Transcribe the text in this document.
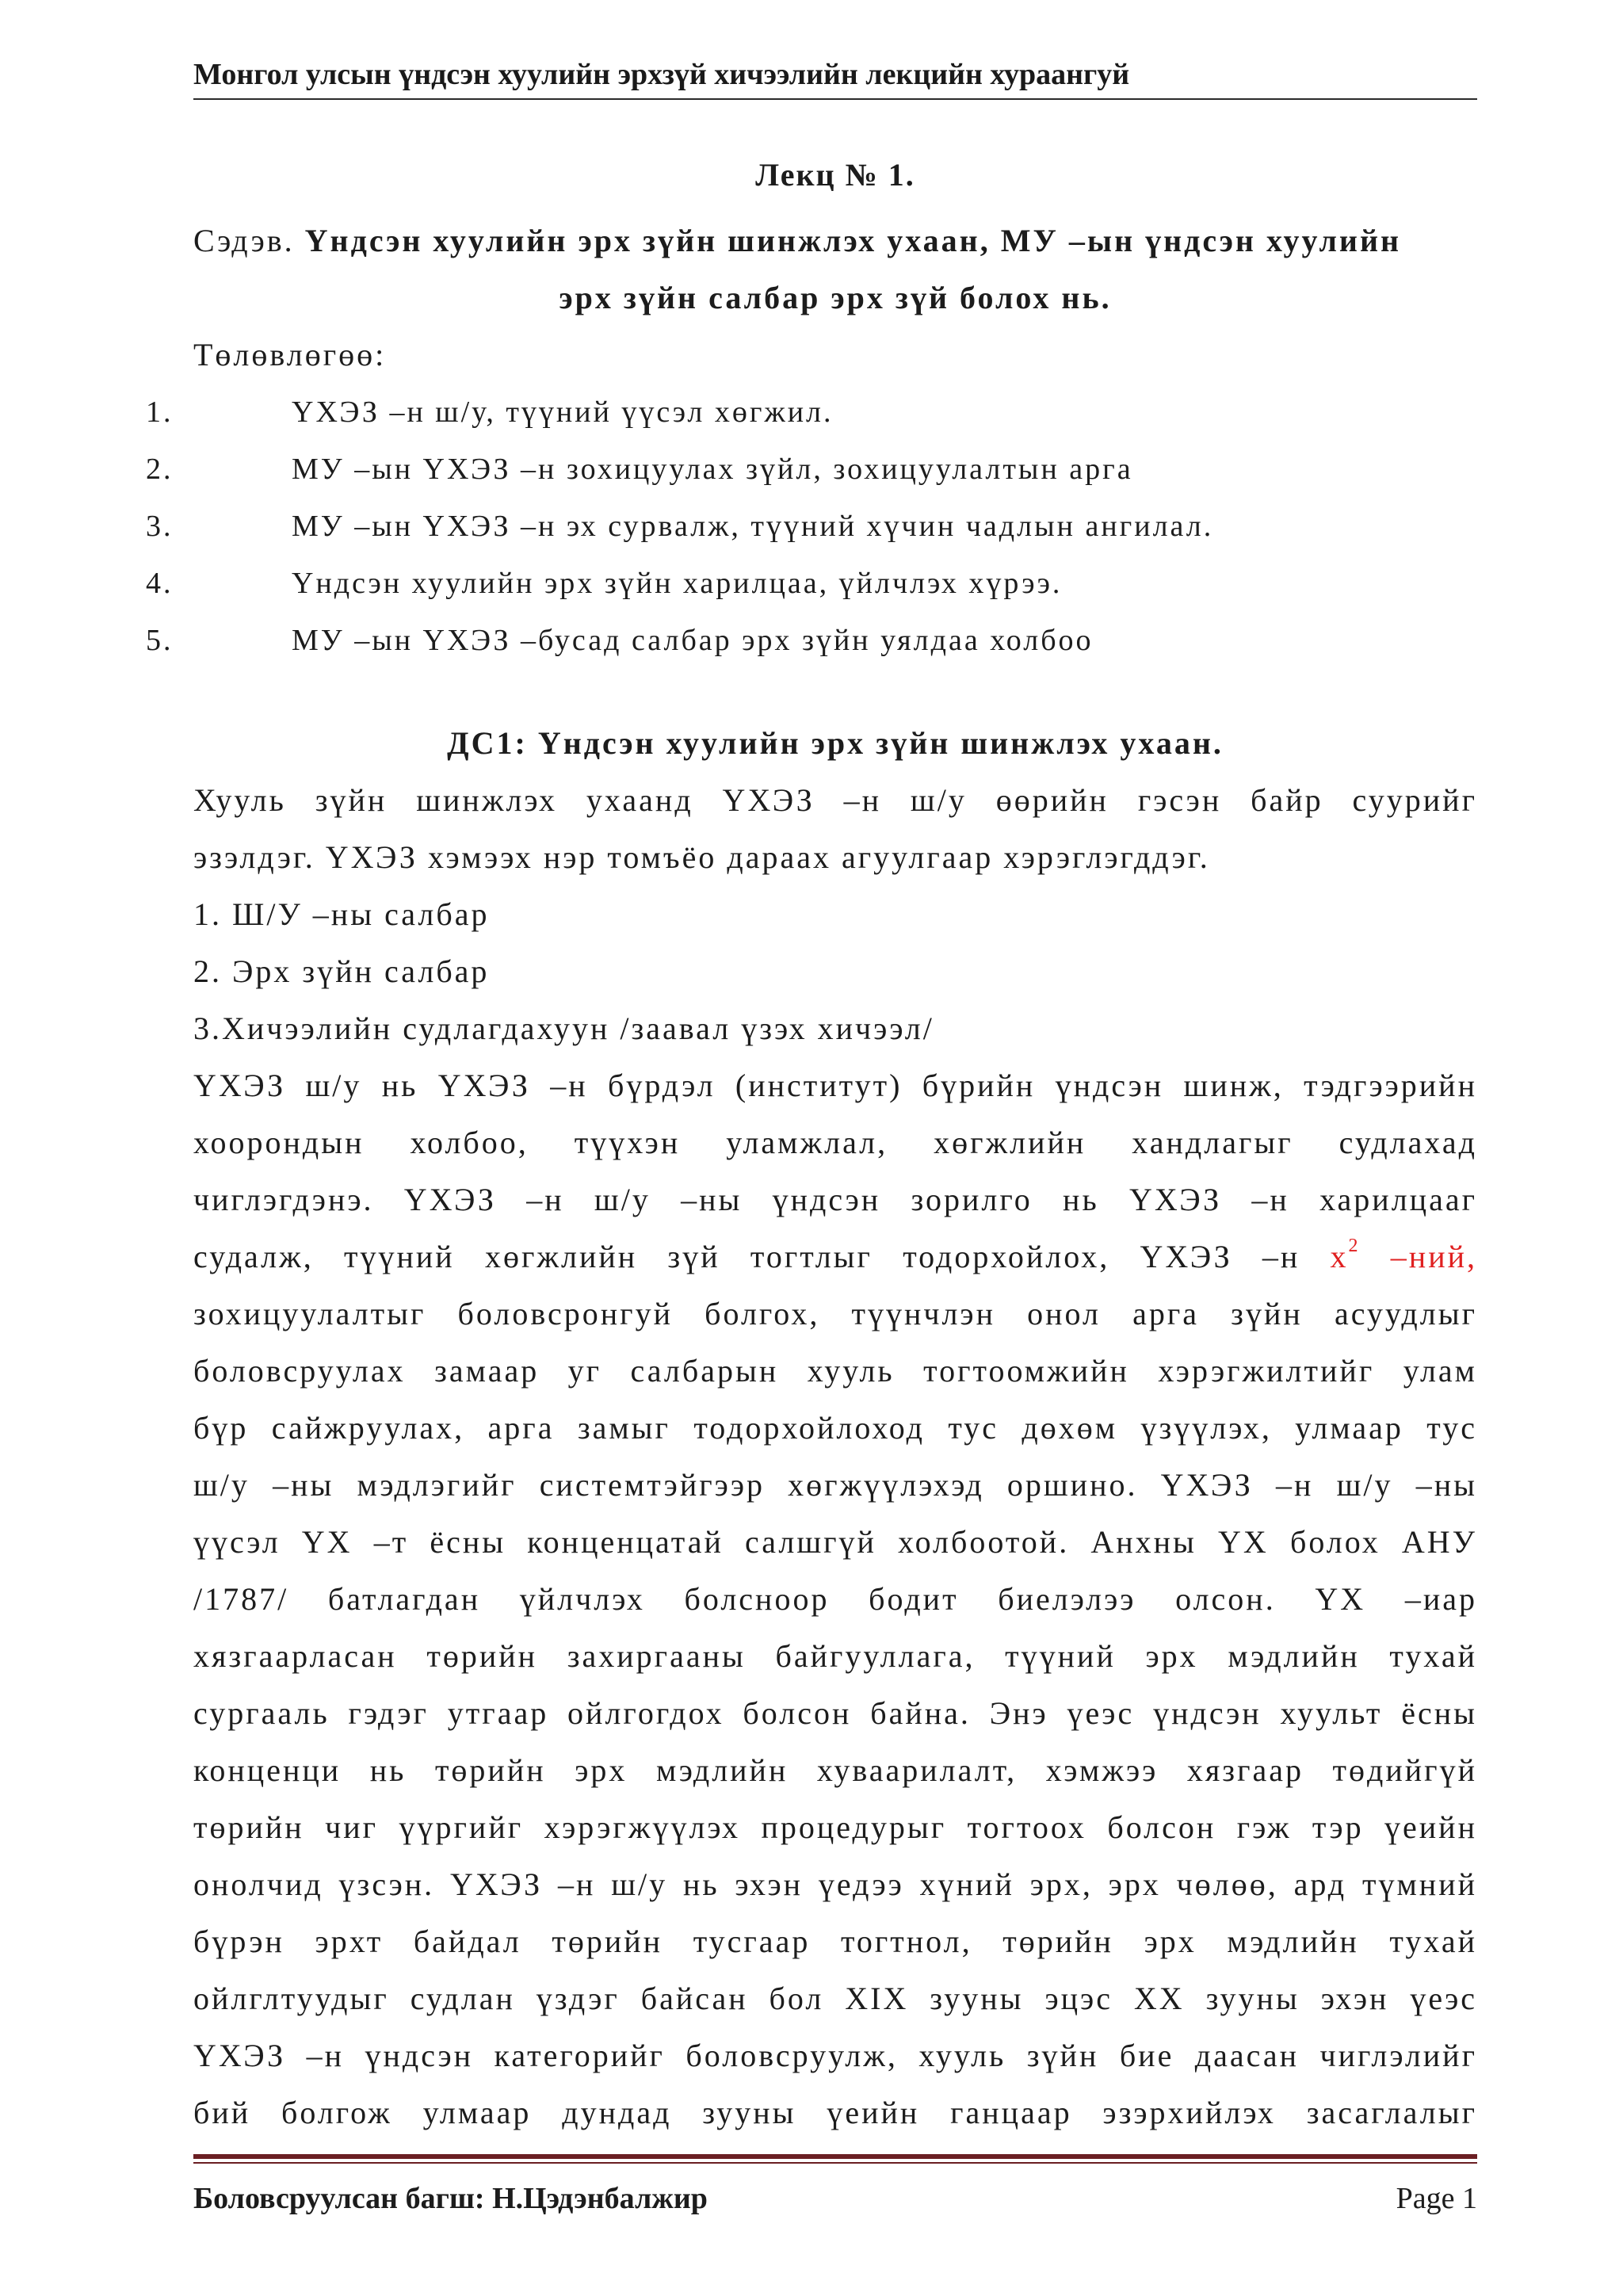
Монгол улсын үндсэн хуулийн эрхзүй хичээлийн лекцийн хураангуй
Лекц № 1.
Сэдэв. Үндсэн хуулийн эрх зүйн шинжлэх ухаан, МУ –ын үндсэн хуулийн
эрх зүйн салбар эрх зүй болох нь.
Төлөвлөгөө:
1.	ҮХЭЗ –н ш/у, түүний үүсэл хөгжил.
2.	МУ –ын ҮХЭЗ –н зохицуулах зүйл, зохицуулалтын арга
3.	МУ –ын ҮХЭЗ –н эх сурвалж, түүний хүчин чадлын ангилал.
4.	Үндсэн хуулийн эрх зүйн харилцаа, үйлчлэх хүрээ.
5.	МУ –ын ҮХЭЗ –бусад салбар эрх зүйн уялдаа холбоо
ДС1: Үндсэн хуулийн эрх зүйн шинжлэх ухаан.
Хууль зүйн шинжлэх ухаанд ҮХЭЗ –н ш/у өөрийн гэсэн байр суурийг
эзэлдэг. ҮХЭЗ хэмээх нэр томъёо дараах агуулгаар хэрэглэгддэг.
1. Ш/У –ны салбар
2. Эрх зүйн салбар
3.Хичээлийн судлагдахуун /заавал үзэх хичээл/
ҮХЭЗ ш/у нь ҮХЭЗ –н бүрдэл (институт) бүрийн үндсэн шинж, тэдгээрийн
хоорондын холбоо, түүхэн уламжлал, хөгжлийн хандлагыг судлахад
чиглэгдэнэ. ҮХЭЗ –н ш/у –ны үндсэн зорилго нь ҮХЭЗ –н харилцааг
судалж, түүний хөгжлийн зүй тогтлыг тодорхойлох, ҮХЭЗ –н $х^2$ –ний,
зохицуулалтыг боловсронгуй болгох, түүнчлэн онол арга зүйн асуудлыг
боловсруулах замаар уг салбарын хууль тогтоомжийн хэрэгжилтийг улам
бүр сайжруулах, арга замыг тодорхойлоход тус дөхөм үзүүлэх, улмаар тус
ш/у –ны мэдлэгийг системтэйгээр хөгжүүлэхэд оршино. ҮХЭЗ –н ш/у –ны
үүсэл ҮХ –т ёсны конценцатай салшгүй холбоотой. Анхны ҮХ болох АНУ
/1787/ батлагдан үйлчлэх болсноор бодит биелэлээ олсон. ҮХ –иар
хязгаарласан төрийн захиргааны байгууллага, түүний эрх мэдлийн тухай
сургааль гэдэг утгаар ойлгогдох болсон байна. Энэ үеэс үндсэн хуульт ёсны
конценци нь төрийн эрх мэдлийн хуваарилалт, хэмжээ хязгаар төдийгүй
төрийн чиг үүргийг хэрэгжүүлэх процедурыг тогтоох болсон гэж тэр үеийн
онолчид үзсэн. ҮХЭЗ –н ш/у нь эхэн үедээ хүний эрх, эрх чөлөө, ард түмний
бүрэн эрхт байдал төрийн тусгаар тогтнол, төрийн эрх мэдлийн тухай
ойлглтуудыг судлан үздэг байсан бол XIX зууны эцэс XX зууны эхэн үеэс
ҮХЭЗ –н үндсэн категорийг боловсруулж, хууль зүйн бие даасан чиглэлийг
бий болгож улмаар дундад зууны үеийн ганцаар эзэрхийлэх засаглалыг
Боловсруулсан багш: Н.Цэдэнбалжир	Page 1
